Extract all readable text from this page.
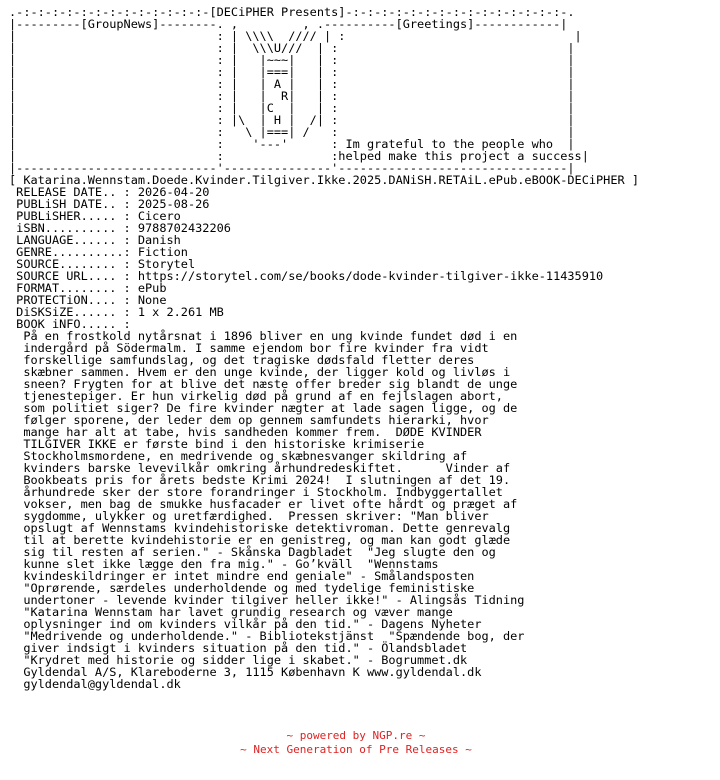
.-:-:-:-:-:-:-:-:-:-:-:-:-:-[DECiPHER Presents]-:-:-:-:-:-:-:-:-:-:-:-:-:-:-:-.
|---------[GroupNews]--------. ,         , .----------[Greetings]------------|
|                            : | \\\\  //// | :                                |
|                            : |  \\\U///  | :                                |
|                            : |   |~~~|   | :                                |
|                            : |   |===|   | :                                |
|                            : |   | A |   | :                                |
|                            : |   |  R|   | :                                |
|                            : |   |C  |   | :                                |
|                            : |\  | H |  /| :                                |
|                            :   \ |===| /   :                                |
|                            :    '---'      : Im grateful to the people who  |
|                            :               :helped make this project a success|
|----------------------------'---------------'--------------------------------|
[ Katarina.Wennstam.Doede.Kvinder.Tilgiver.Ikke.2025.DANiSH.RETAiL.ePub.eBOOK-DECiPHER ]
RELEASE DATE.. : 2026-04-20
PUBLiSH DATE.. : 2025-08-26
PUBLiSHER..... : Cicero
iSBN.......... : 9788702432206
LANGUAGE...... : Danish
GENRE..........: Fiction
SOURCE........ : Storytel
SOURCE URL.... : https://storytel.com/se/books/dode-kvinder-tilgiver-ikke-11435910
FORMAT........ : ePub
PROTECTiON.... : None
DiSKSiZE...... : 1 x 2.261 MB
BOOK iNFO..... :
På en frostkold nytårsnat i 1896 bliver en ung kvinde fundet død i en
indergård på Södermalm. I samme ejendom bor fire kvinder fra vidt
forskellige samfundslag, og det tragiske dødsfald fletter deres
skæbner sammen. Hvem er den unge kvinde, der ligger kold og livløs i
sneen? Frygten for at blive det næste offer breder sig blandt de unge
tjenestepiger. Er hun virkelig død på grund af en fejlslagen abort,
som politiet siger? De fire kvinder nægter at lade sagen ligge, og de
følger sporene, der leder dem op gennem samfundets hierarki, hvor
mange har alt at tabe, hvis sandheden kommer frem.  DØDE KVINDER
TILGIVER IKKE er første bind i den historiske krimiserie
Stockholmsmordene, en medrivende og skæbnesvanger skildring af
kvinders barske levevilkår omkring århundredeskiftet.      Vinder af
Bookbeats pris for årets bedste Krimi 2024!  I slutningen af det 19.
århundrede sker der store forandringer i Stockholm. Indbyggertallet
vokser, men bag de smukke husfacader er livet ofte hårdt og præget af
sygdomme, ulykker og uretfærdighed.  Pressen skriver: "Man bliver
opslugt af Wennstams kvindehistoriske detektivroman. Dette genrevalg
til at berette kvindehistorie er en genistreg, og man kan godt glæde
sig til resten af serien." - Skånska Dagbladet  "Jeg slugte den og
kunne slet ikke lægge den fra mig." - Go’kväll  "Wennstams
kvindeskildringer er intet mindre end geniale" - Smålandsposten
"Oprørende, særdeles underholdende og med tydelige feministiske
undertoner - levende kvinder tilgiver heller ikke!" - Alingsås Tidning
"Katarina Wennstam har lavet grundig research og væver mange
oplysninger ind om kvinders vilkår på den tid." - Dagens Nyheter
"Medrivende og underholdende." - Bibliotekstjänst  "Spændende bog, der
giver indsigt i kvinders situation på den tid." - Ölandsbladet
"Krydret med historie og sidder lige i skabet." - Bogrummet.dk
Gyldendal A/S, Klareboderne 3, 1115 København K www.gyldendal.dk
gyldendal@gyldendal.dk
~ powered by NGP.re ~
~ Next Generation of Pre Releases ~
